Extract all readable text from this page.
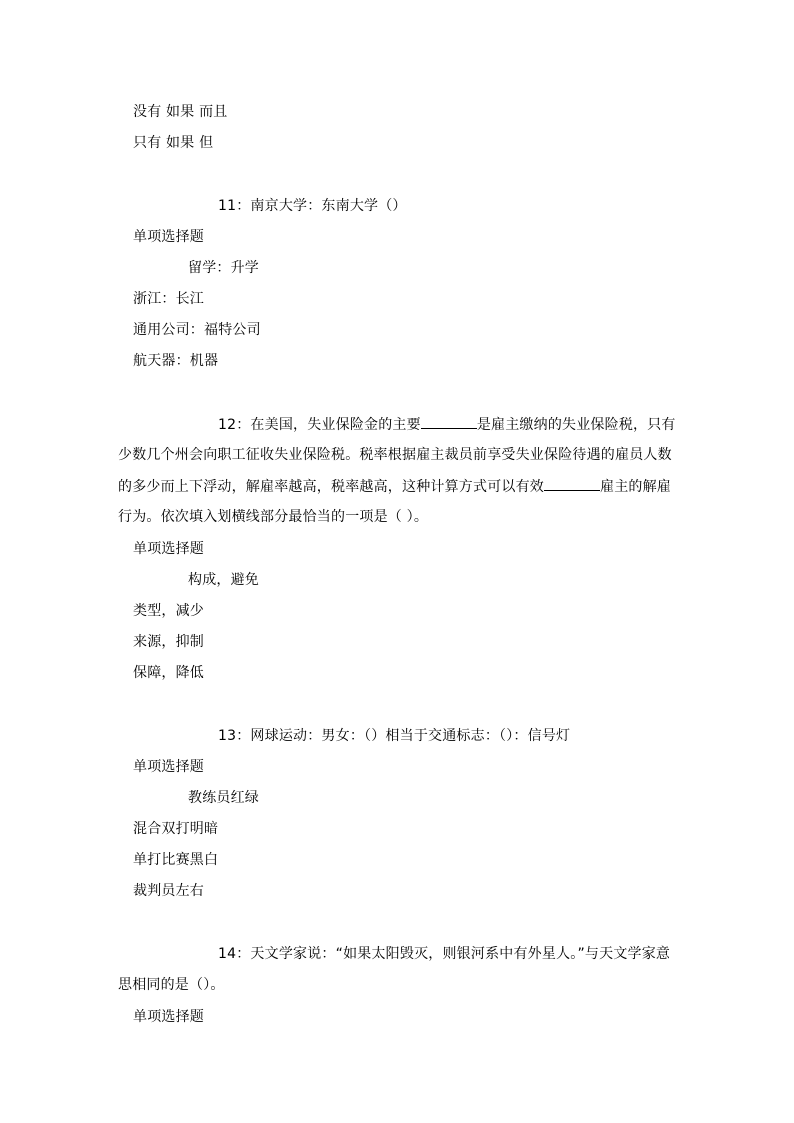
没有 如果 而且
只有 如果 但
11：南京大学：东南大学（）
单项选择题
留学：升学
浙江：长江
通用公司：福特公司
航天器：机器
12：在美国，失业保险金的主要	是雇主缴纳的失业保险税，只有
少数几个州会向职工征收失业保险税。税率根据雇主裁员前享受失业保险待遇的雇员人数
的多少而上下浮动，解雇率越高，税率越高，这种计算方式可以有效	雇主的解雇
行为。依次填入划横线部分最恰当的一项是（ ）。
单项选择题
构成，避免
类型，减少
来源，抑制
保障，降低
13：网球运动：男女：（）相当于交通标志：（）：信号灯
单项选择题
教练员红绿
混合双打明暗
单打比赛黑白
裁判员左右
14：天文学家说：“如果太阳毁灭，则银河系中有外星人。”与天文学家意
思相同的是（）。
单项选择题
